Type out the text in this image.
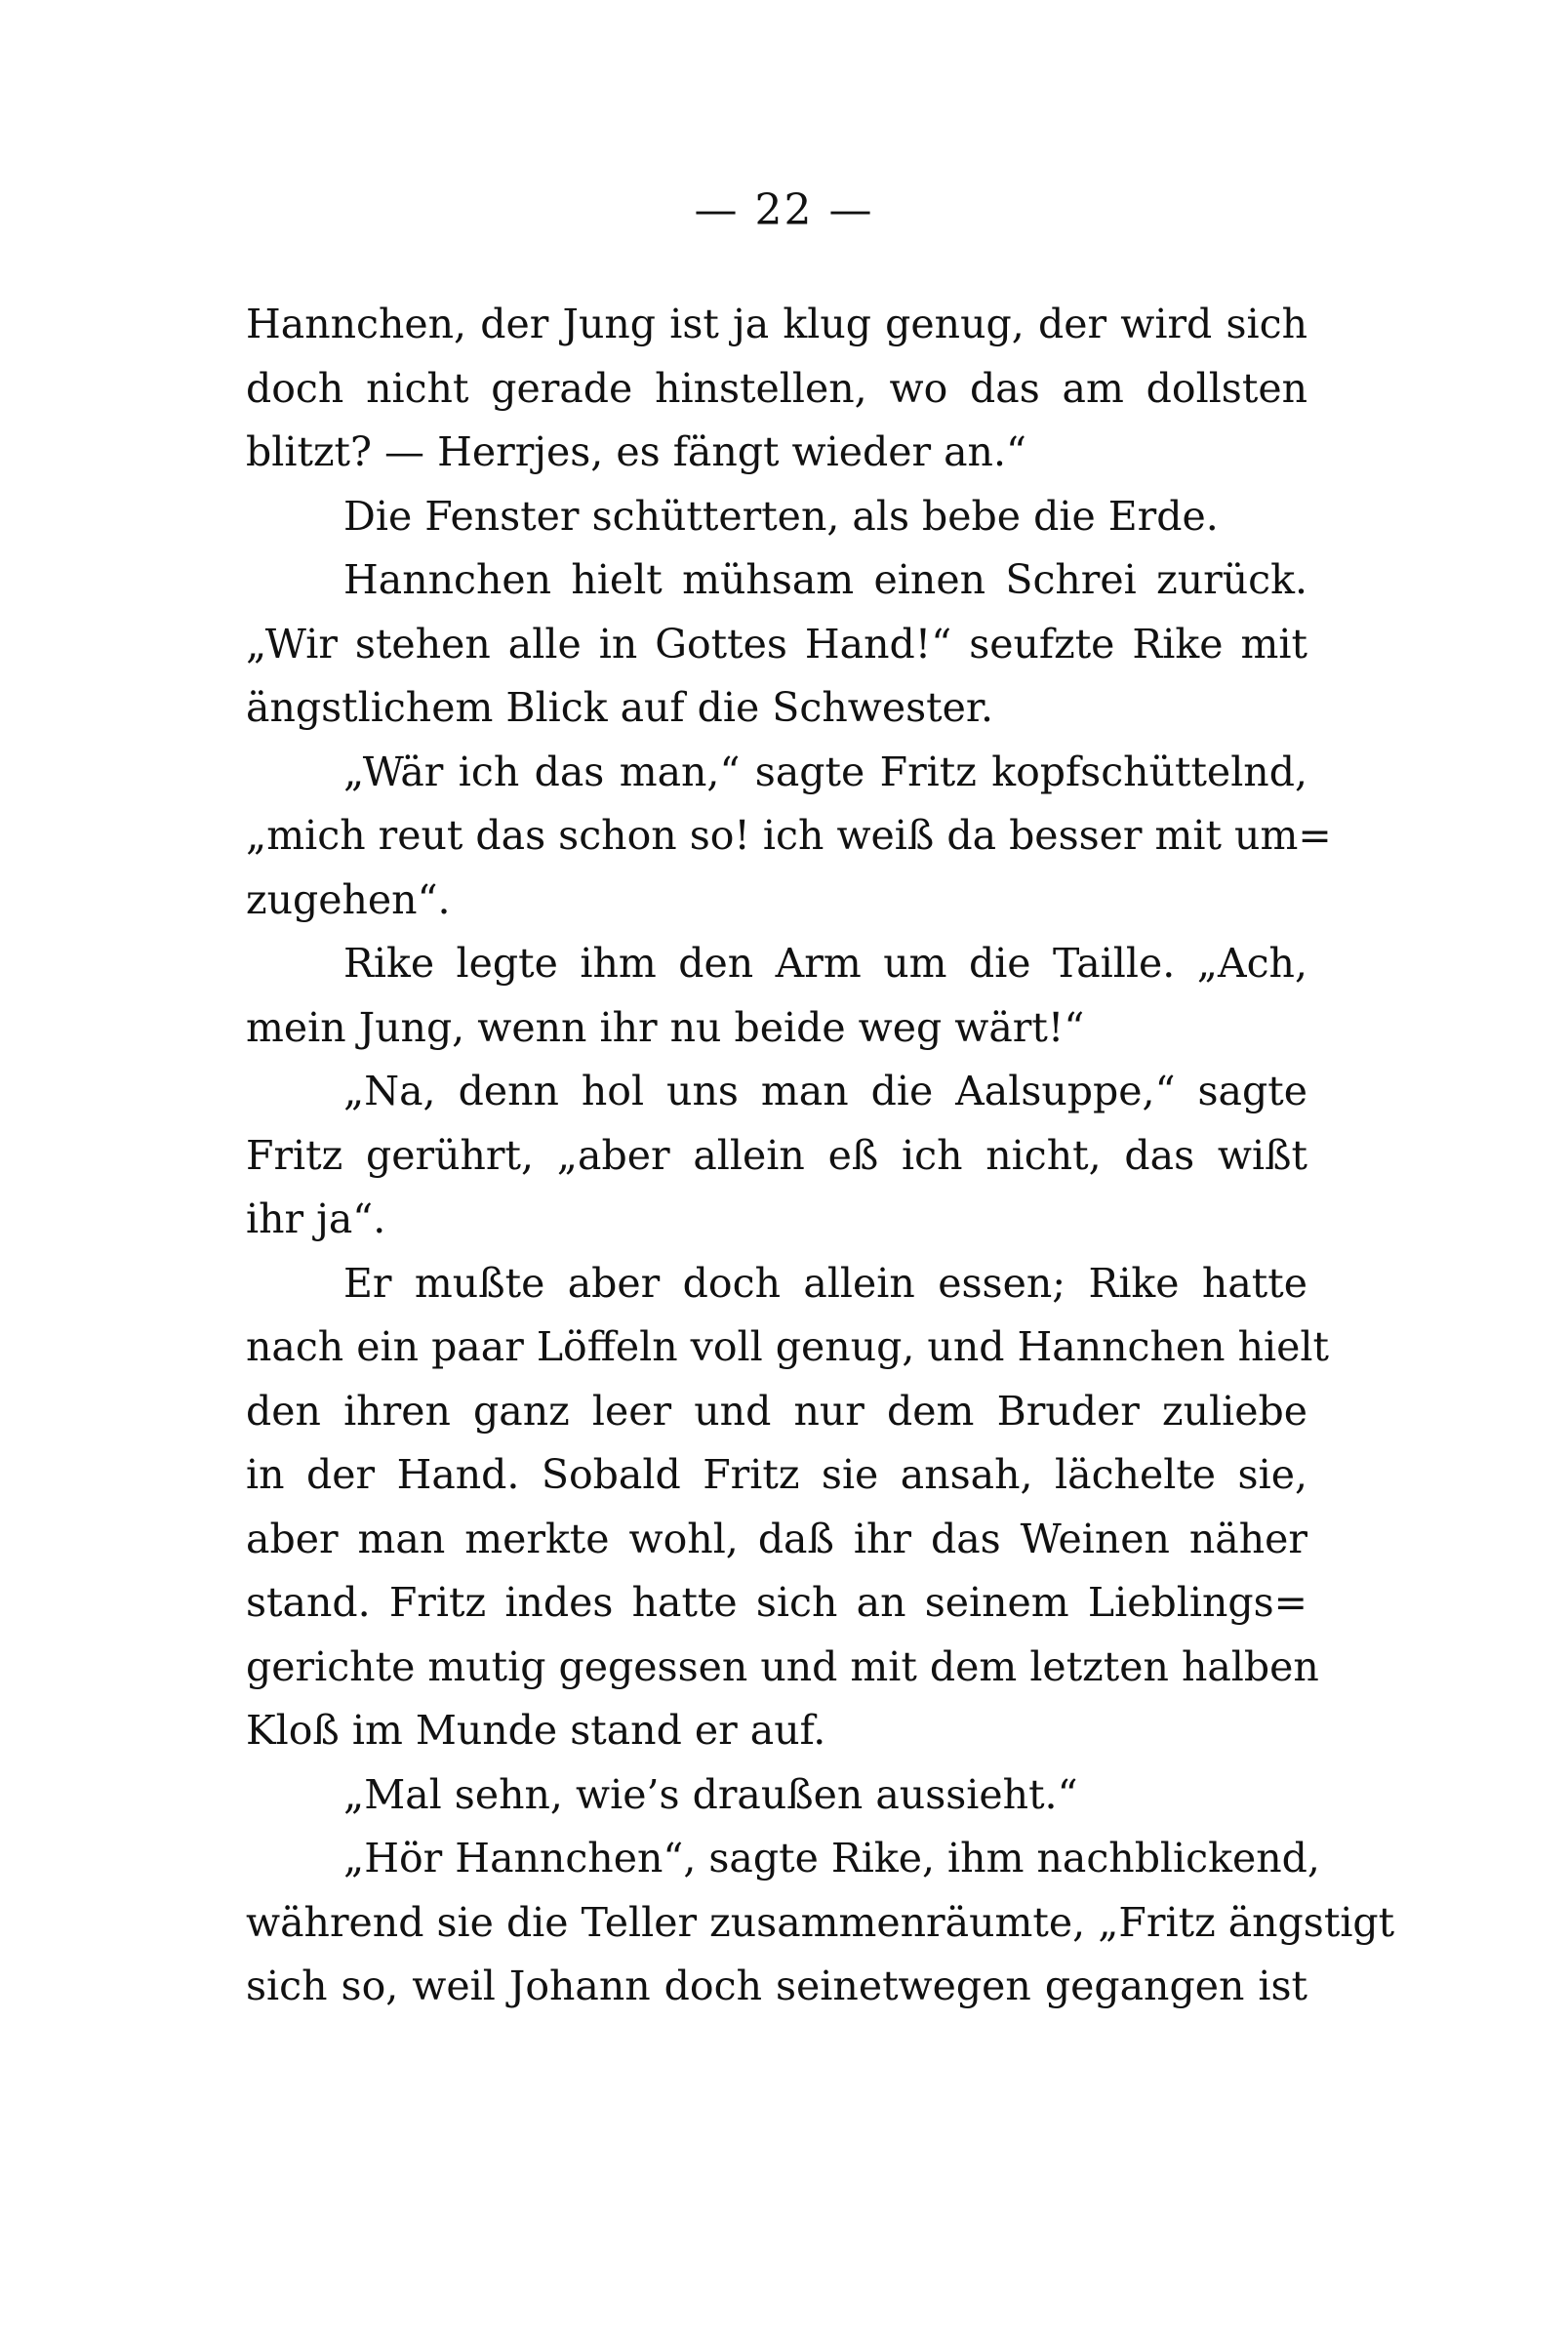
— 22 —
Hannchen, der Jung ist ja klug genug, der wird sich
doch nicht gerade hinstellen, wo das am dollsten
blitzt? — Herrjes, es fängt wieder an.“
Die Fenster schütterten, als bebe die Erde.
Hannchen hielt mühsam einen Schrei zurück.
„Wir stehen alle in Gottes Hand!“ seufzte Rike mit
ängstlichem Blick auf die Schwester.
„Wär ich das man,“ sagte Fritz kopfschüttelnd,
„mich reut das schon so! ich weiß da besser mit um=
zugehen“.
Rike legte ihm den Arm um die Taille. „Ach,
mein Jung, wenn ihr nu beide weg wärt!“
„Na, denn hol uns man die Aalsuppe,“ sagte
Fritz gerührt, „aber allein eß ich nicht, das wißt
ihr ja“.
Er mußte aber doch allein essen; Rike hatte
nach ein paar Löffeln voll genug, und Hannchen hielt
den ihren ganz leer und nur dem Bruder zuliebe
in der Hand. Sobald Fritz sie ansah, lächelte sie,
aber man merkte wohl, daß ihr das Weinen näher
stand. Fritz indes hatte sich an seinem Lieblings=
gerichte mutig gegessen und mit dem letzten halben
Kloß im Munde stand er auf.
„Mal sehn, wie’s draußen aussieht.“
„Hör Hannchen“, sagte Rike, ihm nachblickend,
während sie die Teller zusammenräumte, „Fritz ängstigt
sich so, weil Johann doch seinetwegen gegangen ist
